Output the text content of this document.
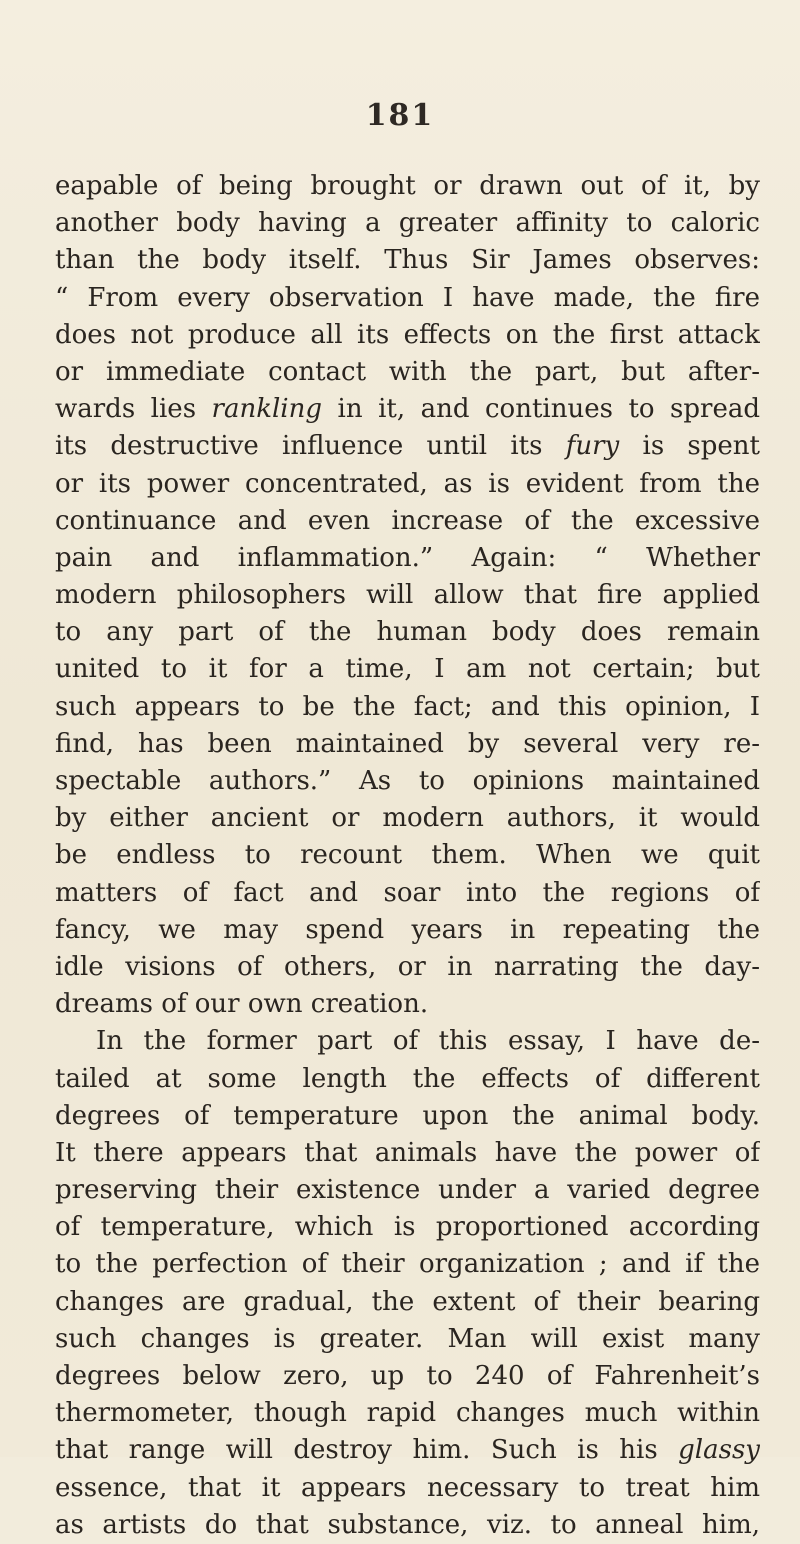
181
eapable of being brought or drawn out of it, by
another body having a greater affinity to caloric
than the body itself. Thus Sir James observes:
“ From every observation I have made, the fire
does not produce all its effects on the first attack
or immediate contact with the part, but after-
wards lies rankling in it, and continues to spread
its destructive influence until its fury is spent
or its power concentrated, as is evident from the
continuance and even increase of the excessive
pain and inflammation.” Again: “ Whether
modern philosophers will allow that fire applied
to any part of the human body does remain
united to it for a time, I am not certain; but
such appears to be the fact; and this opinion, I
find, has been maintained by several very re-
spectable authors.” As to opinions maintained
by either ancient or modern authors, it would
be endless to recount them. When we quit
matters of fact and soar into the regions of
fancy, we may spend years in repeating the
idle visions of others, or in narrating the day-
dreams of our own creation.
In the former part of this essay, I have de-
tailed at some length the effects of different
degrees of temperature upon the animal body.
It there appears that animals have the power of
preserving their existence under a varied degree
of temperature, which is proportioned according
to the perfection of their organization ; and if the
changes are gradual, the extent of their bearing
such changes is greater. Man will exist many
degrees below zero, up to 240 of Fahrenheit’s
thermometer, though rapid changes much within
that range will destroy him. Such is his glassy
essence, that it appears necessary to treat him
as artists do that substance, viz. to anneal him,
